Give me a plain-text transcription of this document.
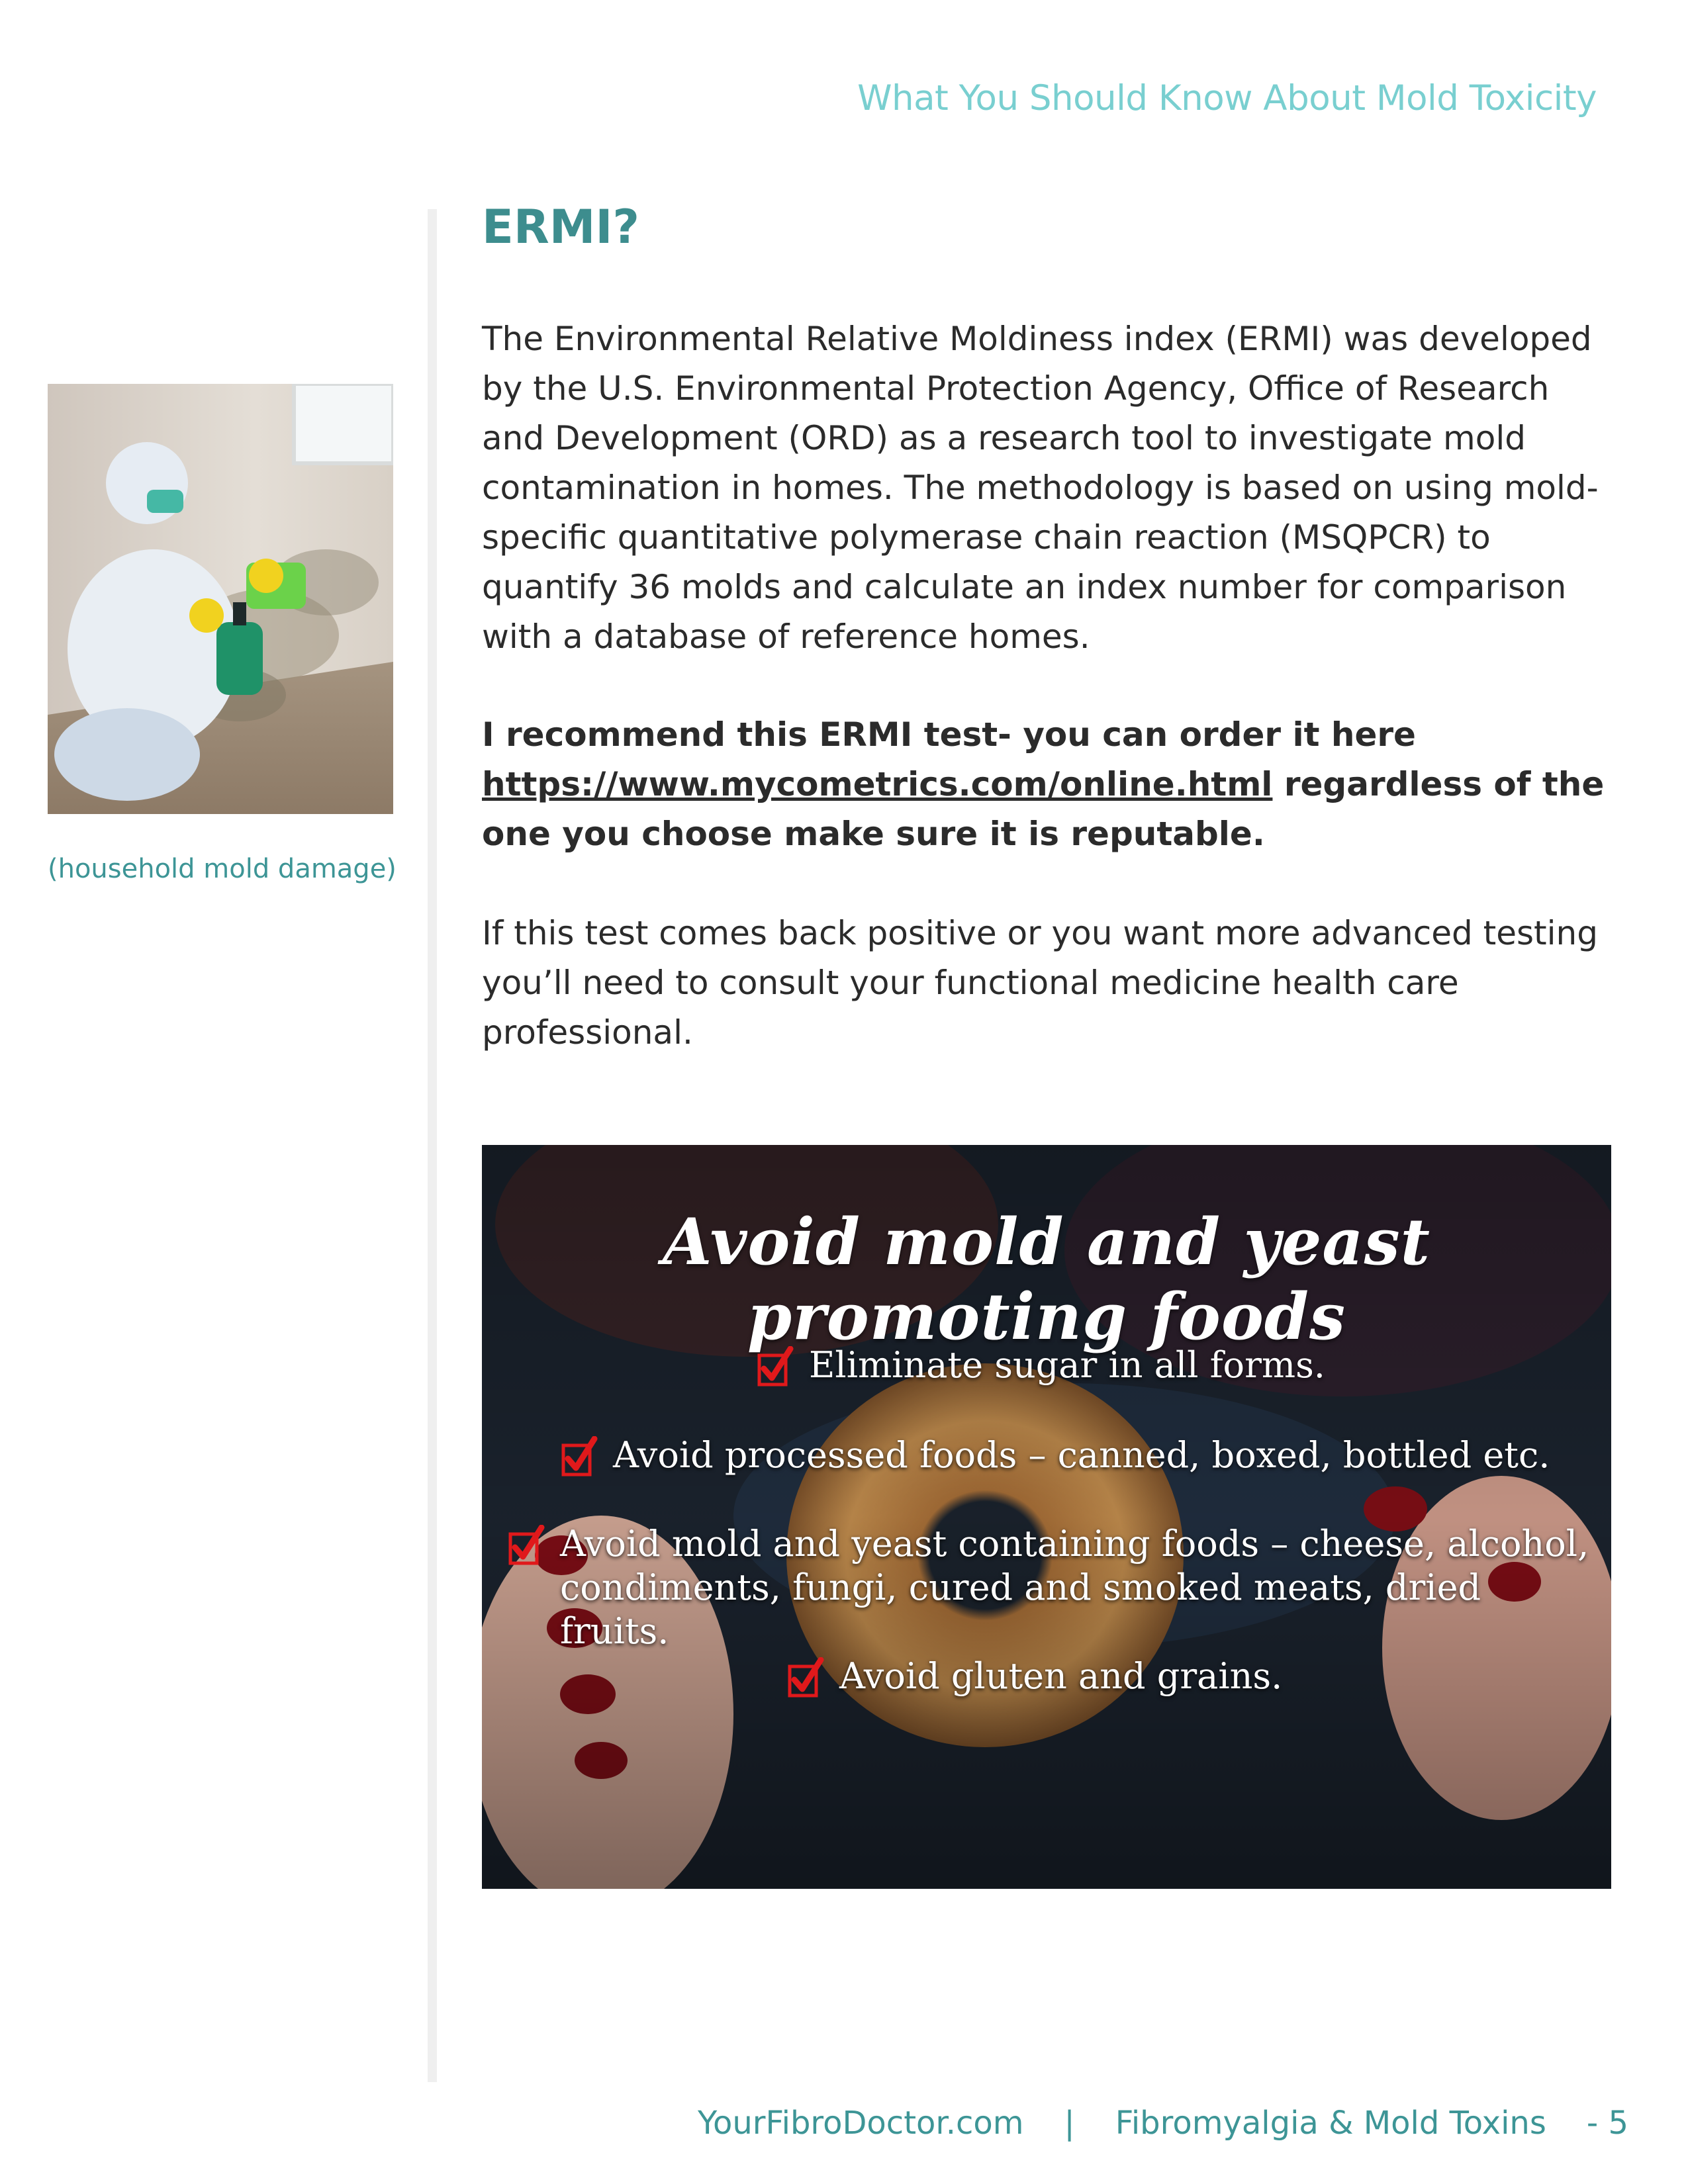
What You Should Know About Mold Toxicity
(household mold damage)
ERMI?

The Environmental Relative Moldiness index (ERMI) was developed by the U.S. Environmental Protection Agency, Office of Research and Development (ORD) as a research tool to investigate mold contamination in homes. The methodology is based on using mold-specific quantitative polymerase chain reaction (MSQPCR) to quantify 36 molds and calculate an index number for comparison with a database of reference homes.

I recommend this ERMI test- you can order it here https://www.mycometrics.com/online.html regardless of the one you choose make sure it is reputable.

If this test comes back positive or you want more advanced testing you’ll need to consult your functional medicine health care professional.

Avoid mold and yeast promoting foods
Eliminate sugar in all forms.
Avoid processed foods – canned, boxed, bottled etc.
Avoid mold and yeast containing foods – cheese, alcohol, condiments, fungi, cured and smoked meats, dried fruits.
Avoid gluten and grains.
YourFibroDoctor.com | Fibromyalgia & Mold Toxins - 5
